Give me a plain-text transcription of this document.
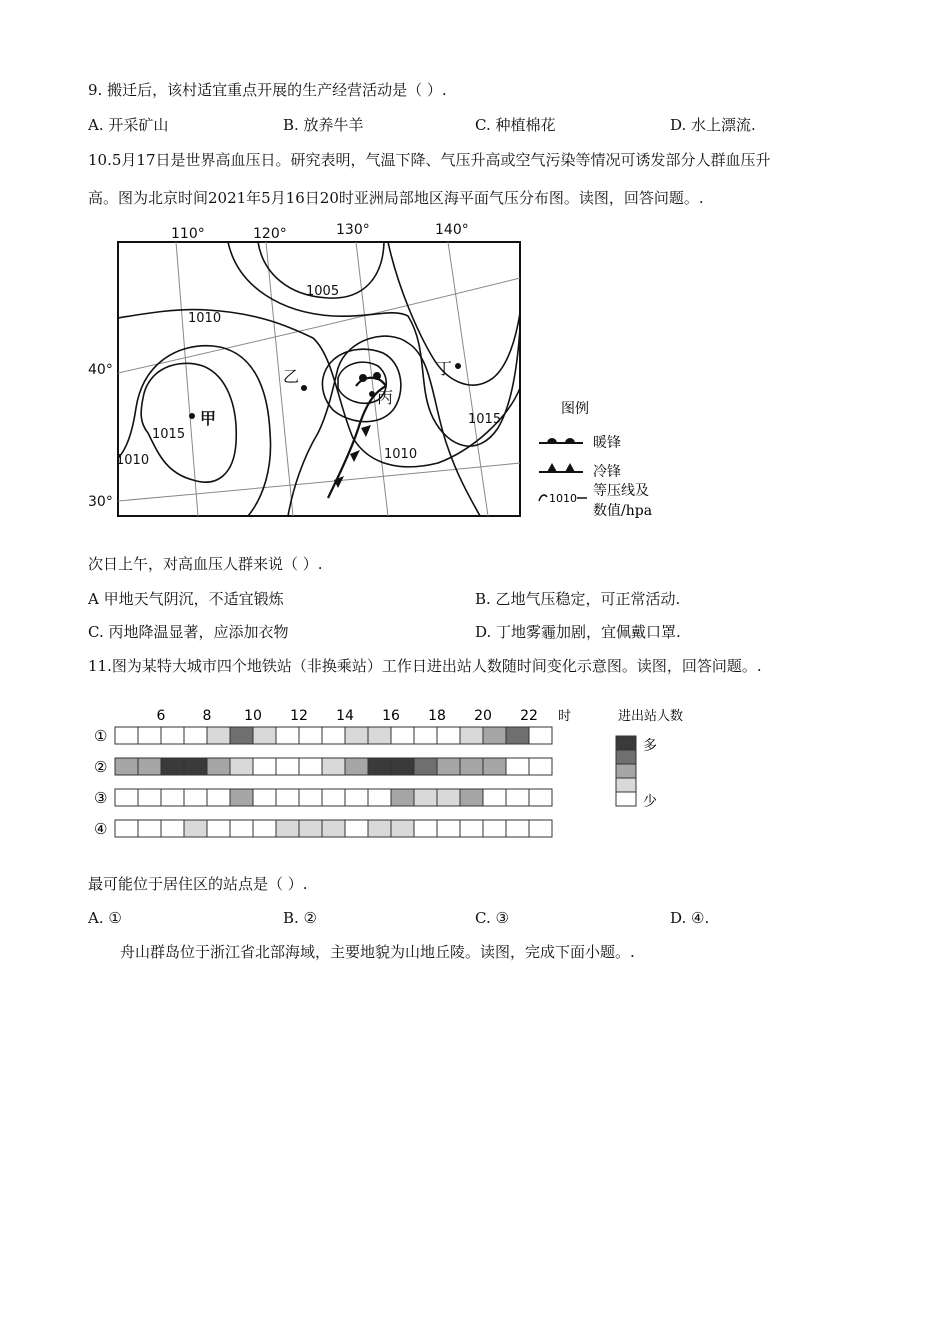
9. 搬迁后，该村适宜重点开展的生产经营活动是（ ）.
A. 开采矿山	B. 放养牛羊	C. 种植棉花	D. 水上漂流.
10.5月17日是世界高血压日。研究表明，气温下降、气压升高或空气污染等情况可诱发部分人群血压升
高。图为北京时间2021年5月16日20时亚洲局部地区海平面气压分布图。读图，回答问题。.
110°	120°	130°	140°
40°
30°
1005
1010
1015
1015
1010
1010
甲
乙
丙
丁
图例
暖锋
冷锋
1010 等压线及
数值/hpa
次日上午，对高血压人群来说（ ）.
A 甲地天气阴沉，不适宜锻炼	B. 乙地气压稳定，可正常活动.
C. 丙地降温显著，应添加衣物	D. 丁地雾霾加剧，宜佩戴口罩.
11.图为某特大城市四个地铁站（非换乘站）工作日进出站人数随时间变化示意图。读图，回答问题。.
6	8 10 12 14 16 18 20 22 时
①
②
③
④
进出站人数
多
少
最可能位于居住区的站点是（ ）.
A. ①	B. ②	C. ③	D. ④.
舟山群岛位于浙江省北部海域，主要地貌为山地丘陵。读图，完成下面小题。.
